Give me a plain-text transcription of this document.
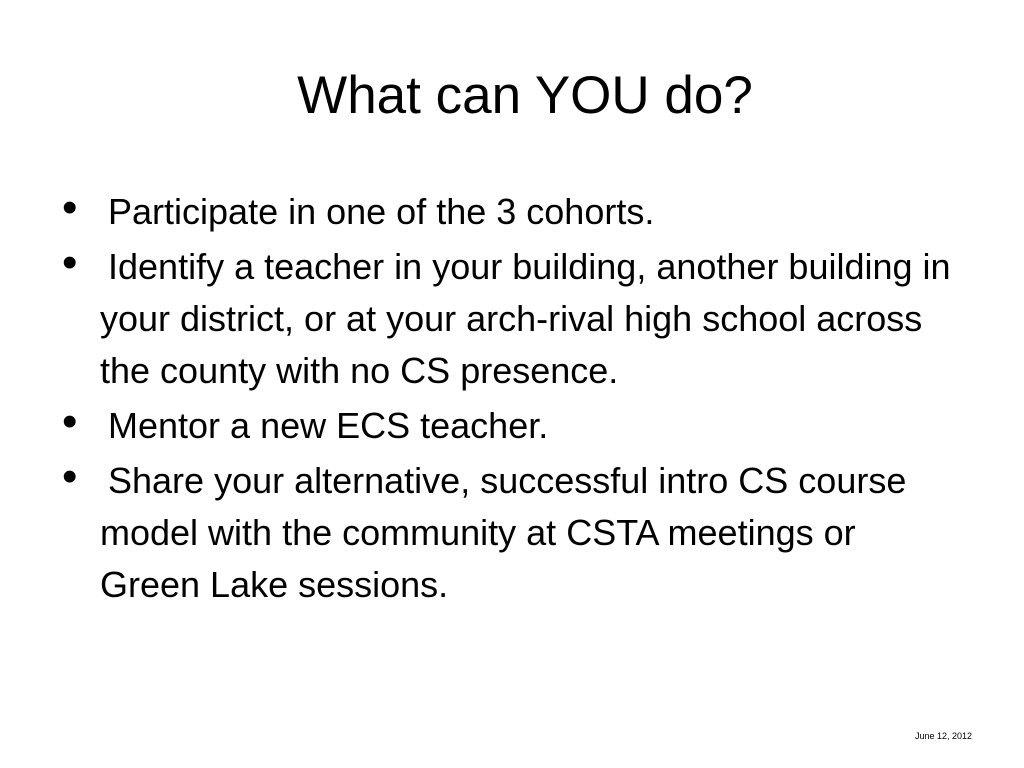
What can YOU do?
• Participate in one of the 3 cohorts.
• Identify a teacher in your building, another building in your district, or at your arch-rival high school across the county with no CS presence.
• Mentor a new ECS teacher.
• Share your alternative, successful intro CS course model with the community at CSTA meetings or Green Lake sessions.
June 12, 2012
